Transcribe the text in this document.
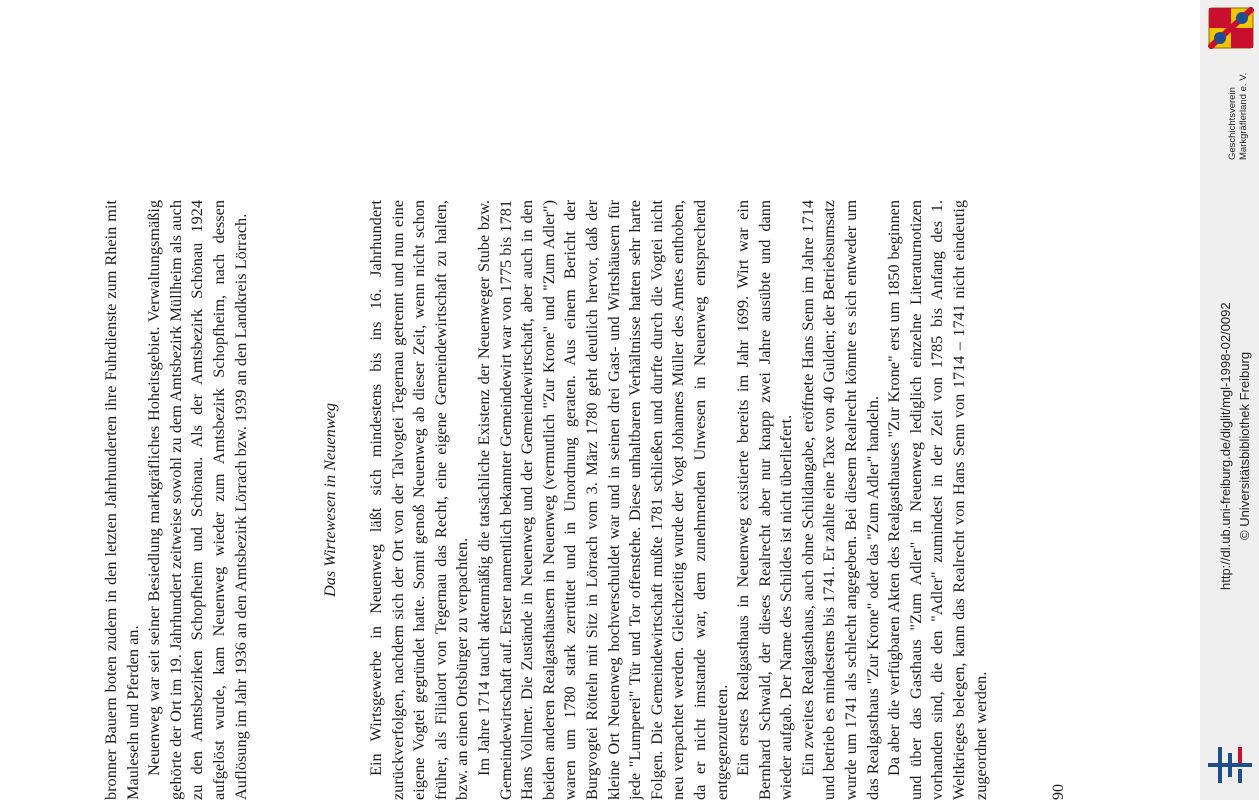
bronner Bauern boten zudem in den letzten Jahrhunderten ihre Fuhrdienste zum Rhein mit Mauleseln und Pferden an. Neuenweg war seit seiner Besiedlung markgräfliches Hoheitsgebiet. Verwaltungsmäßig gehörte der Ort im 19. Jahrhundert zeitweise sowohl zu dem Amtsbezirk Müllheim als auch zu den Amtsbezirken Schopfheim und Schönau. Als der Amtsbezirk Schönau 1924 aufgelöst wurde, kam Neuenweg wieder zum Amtsbezirk Schopfheim, nach dessen Auflösung im Jahr 1936 an den Amtsbezirk Lörrach bzw. 1939 an den Landkreis Lörrach.	Das Wirtewesen in Neuenweg Ein Wirtsgewerbe in Neuenweg läßt sich mindestens bis ins 16. Jahrhundert zurückverfolgen, nachdem sich der Ort von der Talvogtei Tegernau getrennt und nun eine eigene Vogtei gegründet hatte. Somit genoß Neuenweg ab dieser Zeit, wenn nicht schon früher, als Filialort von Tegernau das Recht, eine eigene Gemeindewirtschaft zu halten, bzw. an einen Ortsbürger zu verpachten. Im Jahre 1714 taucht aktenmäßig die tatsächliche Existenz der Neuenweger Stube bzw. Gemeindewirtschaft auf. Erster namentlich bekannter Gemeindewirt war von 1775 bis 1781 Hans Vollmer. Die Zustände in Neuenweg und der Gemeindewirtschaft, aber auch in den beiden anderen Realgasthäusern in Neuenweg (vermutlich "Zur Krone" und "Zum Adler") waren um 1780 stark zerrüttet und in Unordnung geraten. Aus einem Bericht der Burgvogtei Rötteln mit Sitz in Lörrach vom 3. März 1780 geht deutlich hervor, daß der kleine Ort Neuenweg hochverschuldet war und in seinen drei Gast- und Wirtshäusern für jede "Lumperei" Tür und Tor offenstehe. Diese unhaltbaren Verhältnisse hatten sehr harte Folgen. Die Gemeindewirtschaft mußte 1781 schließen und durfte durch die Vogtei nicht neu verpachtet werden. Gleichzeitig wurde der Vogt Johannes Müller des Amtes enthoben, da er nicht imstande war, dem zunehmenden Unwesen in Neuenweg entsprechend entgegenzutreten. Ein erstes Realgasthaus in Neuenweg existierte bereits im Jahr 1699. Wirt war ein Bernhard Schwald, der dieses Realrecht aber nur knapp zwei Jahre ausübte und dann wieder aufgab. Der Name des Schildes ist nicht überliefert. Ein zweites Realgasthaus, auch ohne Schildangabe, eröffnete Hans Senn im Jahre 1714 und betrieb es mindestens bis 1741. Er zahlte eine Taxe von 40 Gulden; der Betriebsumsatz wurde um 1741 als schlecht angegeben. Bei diesem Realrecht könnte es sich entweder um das Realgasthaus "Zur Krone" oder das "Zum Adler" handeln. Da aber die verfügbaren Akten des Realgasthauses "Zur Krone" erst um 1850 beginnen und über das Gasthaus "Zum Adler" in Neuenweg lediglich einzelne Literaturnotizen vorhanden sind, die den "Adler" zumindest in der Zeit von 1785 bis Anfang des 1. Weltkrieges belegen, kann das Realrecht von Hans Senn von 1714 – 1741 nicht eindeutig zugeordnet werden.	90
Geschichtsverein Markgräflerland e. V.
http://dl.ub.uni-freiburg.de/diglit/mgl-1998-02/0092 © Universitätsbibliothek Freiburg
